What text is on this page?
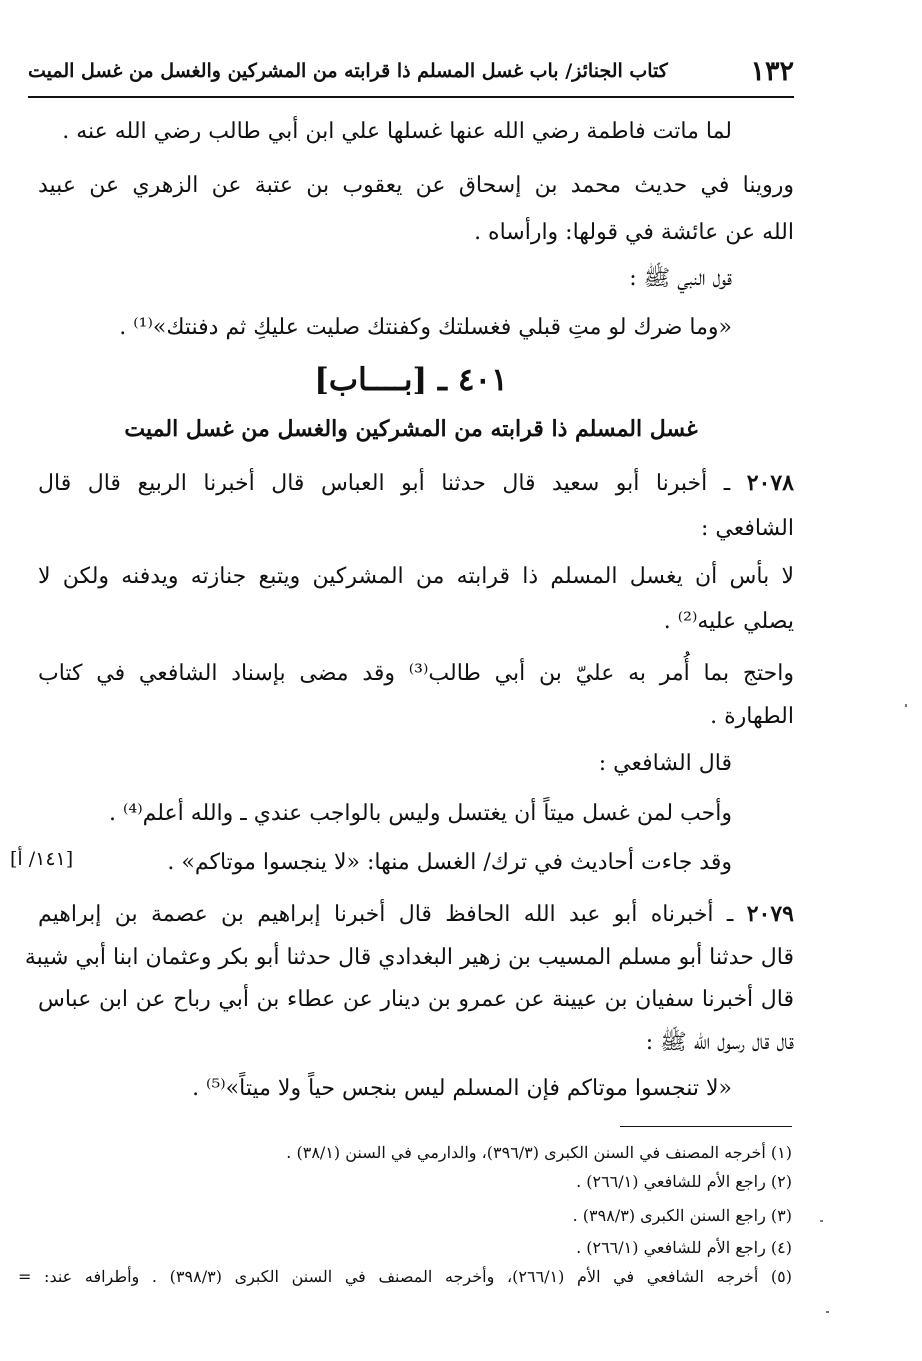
١٣٢
كتاب الجنائز/ باب غسل المسلم ذا قرابته من المشركين والغسل من غسل الميت
لما ماتت فاطمة رضي الله عنها غسلها علي ابن أبي طالب رضي الله عنه .
وروينا في حديث محمد بن إسحاق عن يعقوب بن عتبة عن الزهري عن عبيد
الله عن عائشة في قولها: وارأساه .
قول النبي ﷺ :
«وما ضرك لو متِ قبلي فغسلتك وكفنتك صليت عليكِ ثم دفنتك»⁽¹⁾ .
٤٠١ ـ [بــــاب]
غسل المسلم ذا قرابته من المشركين والغسل من غسل الميت
٢٠٧٨ ـ أخبرنا أبو سعيد قال حدثنا أبو العباس قال أخبرنا الربيع قال قال
الشافعي :
لا بأس أن يغسل المسلم ذا قرابته من المشركين ويتبع جنازته ويدفنه ولكن لا
يصلي عليه⁽²⁾ .
واحتج بما أُمر به عليّ بن أبي طالب⁽³⁾ وقد مضى بإسناد الشافعي في كتاب
الطهارة .
قال الشافعي :
وأحب لمن غسل ميتاً أن يغتسل وليس بالواجب عندي ـ والله أعلم⁽⁴⁾ .
وقد جاءت أحاديث في ترك/ الغسل منها: «لا ينجسوا موتاكم» .
[١٤١/ أ]
٢٠٧٩ ـ أخبرناه أبو عبد الله الحافظ قال أخبرنا إبراهيم بن عصمة بن إبراهيم
قال حدثنا أبو مسلم المسيب بن زهير البغدادي قال حدثنا أبو بكر وعثمان ابنا أبي شيبة
قال أخبرنا سفيان بن عيينة عن عمرو بن دينار عن عطاء بن أبي رباح عن ابن عباس
قال قال رسول الله ﷺ :
«لا تنجسوا موتاكم فإن المسلم ليس بنجس حياً ولا ميتاً»⁽⁵⁾ .
(١) أخرجه المصنف في السنن الكبرى (٣٩٦/٣)، والدارمي في السنن (٣٨/١) .
(٢) راجع الأم للشافعي (٢٦٦/١) .
(٣) راجع السنن الكبرى (٣٩٨/٣) .
(٤) راجع الأم للشافعي (٢٦٦/١) .
(٥) أخرجه الشافعي في الأم (٢٦٦/١)، وأخرجه المصنف في السنن الكبرى (٣٩٨/٣) . وأطرافه عند: =
